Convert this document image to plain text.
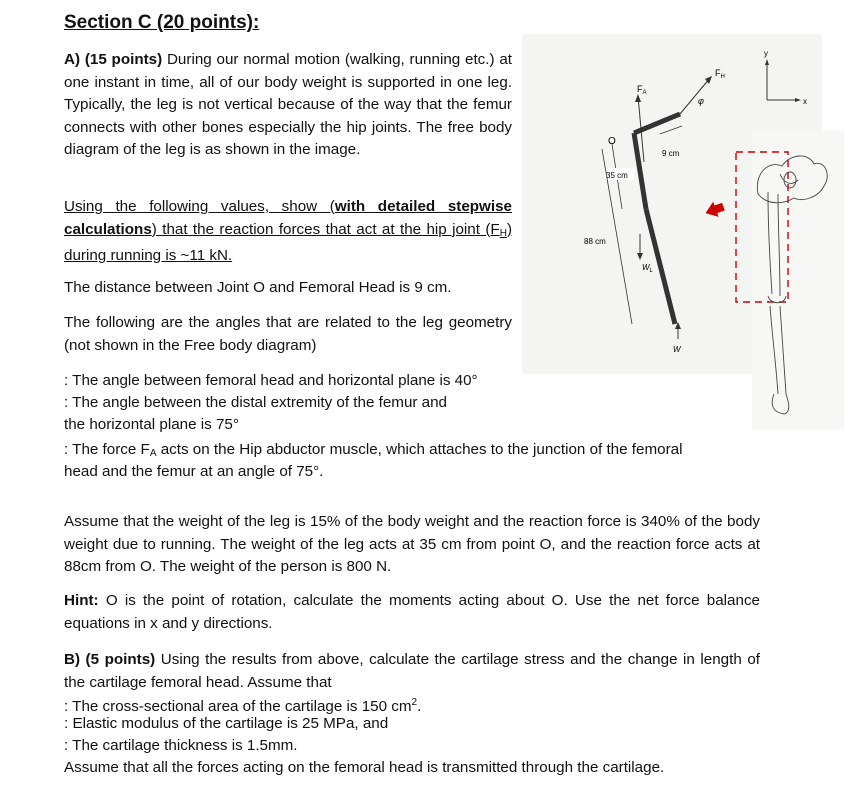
Section C (20 points):
A) (15 points) During our normal motion (walking, running etc.) at one instant in time, all of our body weight is supported in one leg. Typically, the leg is not vertical because of the way that the femur connects with other bones especially the hip joints. The free body diagram of the leg is as shown in the image.
Using the following values, show (with detailed stepwise calculations) that the reaction forces that act at the hip joint $(F_H)$ during running is ~11 kN.
The distance between Joint O and Femoral Head is 9 cm.
The following are the angles that are related to the leg geometry (not shown in the Free body diagram)
: The angle between femoral head and horizontal plane is 40°
: The angle between the distal extremity of the femur and
the horizontal plane is 75°
: The force $F_A$ acts on the Hip abductor muscle, which attaches to the junction of the femoral
head and the femur at an angle of 75°.
Assume that the weight of the leg is 15% of the body weight and the reaction force is 340% of the body weight due to running. The weight of the leg acts at 35 cm from point O, and the reaction force acts at 88cm from O. The weight of the person is 800 N.
Hint: O is the point of rotation, calculate the moments acting about O. Use the net force balance equations in x and y directions.
B) (5 points) Using the results from above, calculate the cartilage stress and the change in length of the cartilage femoral head. Assume that
: The cross-sectional area of the cartilage is 150 $cm^2$.
: Elastic modulus of the cartilage is 25 MPa, and
: The cartilage thickness is 1.5mm.
Assume that all the forces acting on the femoral head is transmitted through the cartilage.
$F_A$
$F_H$
φ
O
9 cm
35 cm
88 cm
$W_L$
W
y
x
